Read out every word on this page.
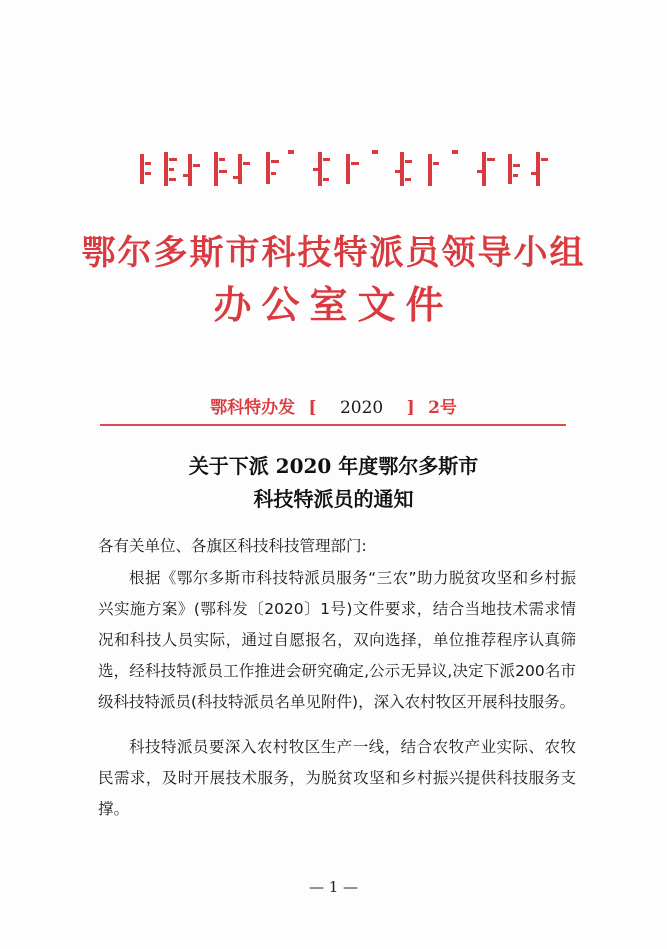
鄂尔多斯市科技特派员领导小组
办公室文件
鄂科特办发 [ 2020 ] 2号
关于下派 2020 年度鄂尔多斯市
科技特派员的通知
各有关单位、各旗区科技科技管理部门:
根据《鄂尔多斯市科技特派员服务“三农”助力脱贫攻坚和乡村振兴实施方案》(鄂科发〔2020〕1号)文件要求，结合当地技术需求情况和科技人员实际，通过自愿报名，双向选择，单位推荐程序认真筛选，经科技特派员工作推进会研究确定,公示无异议,决定下派200名市级科技特派员(科技特派员名单见附件)，深入农村牧区开展科技服务。
科技特派员要深入农村牧区生产一线，结合农牧产业实际、农牧民需求，及时开展技术服务，为脱贫攻坚和乡村振兴提供科技服务支撑。
— 1 —
